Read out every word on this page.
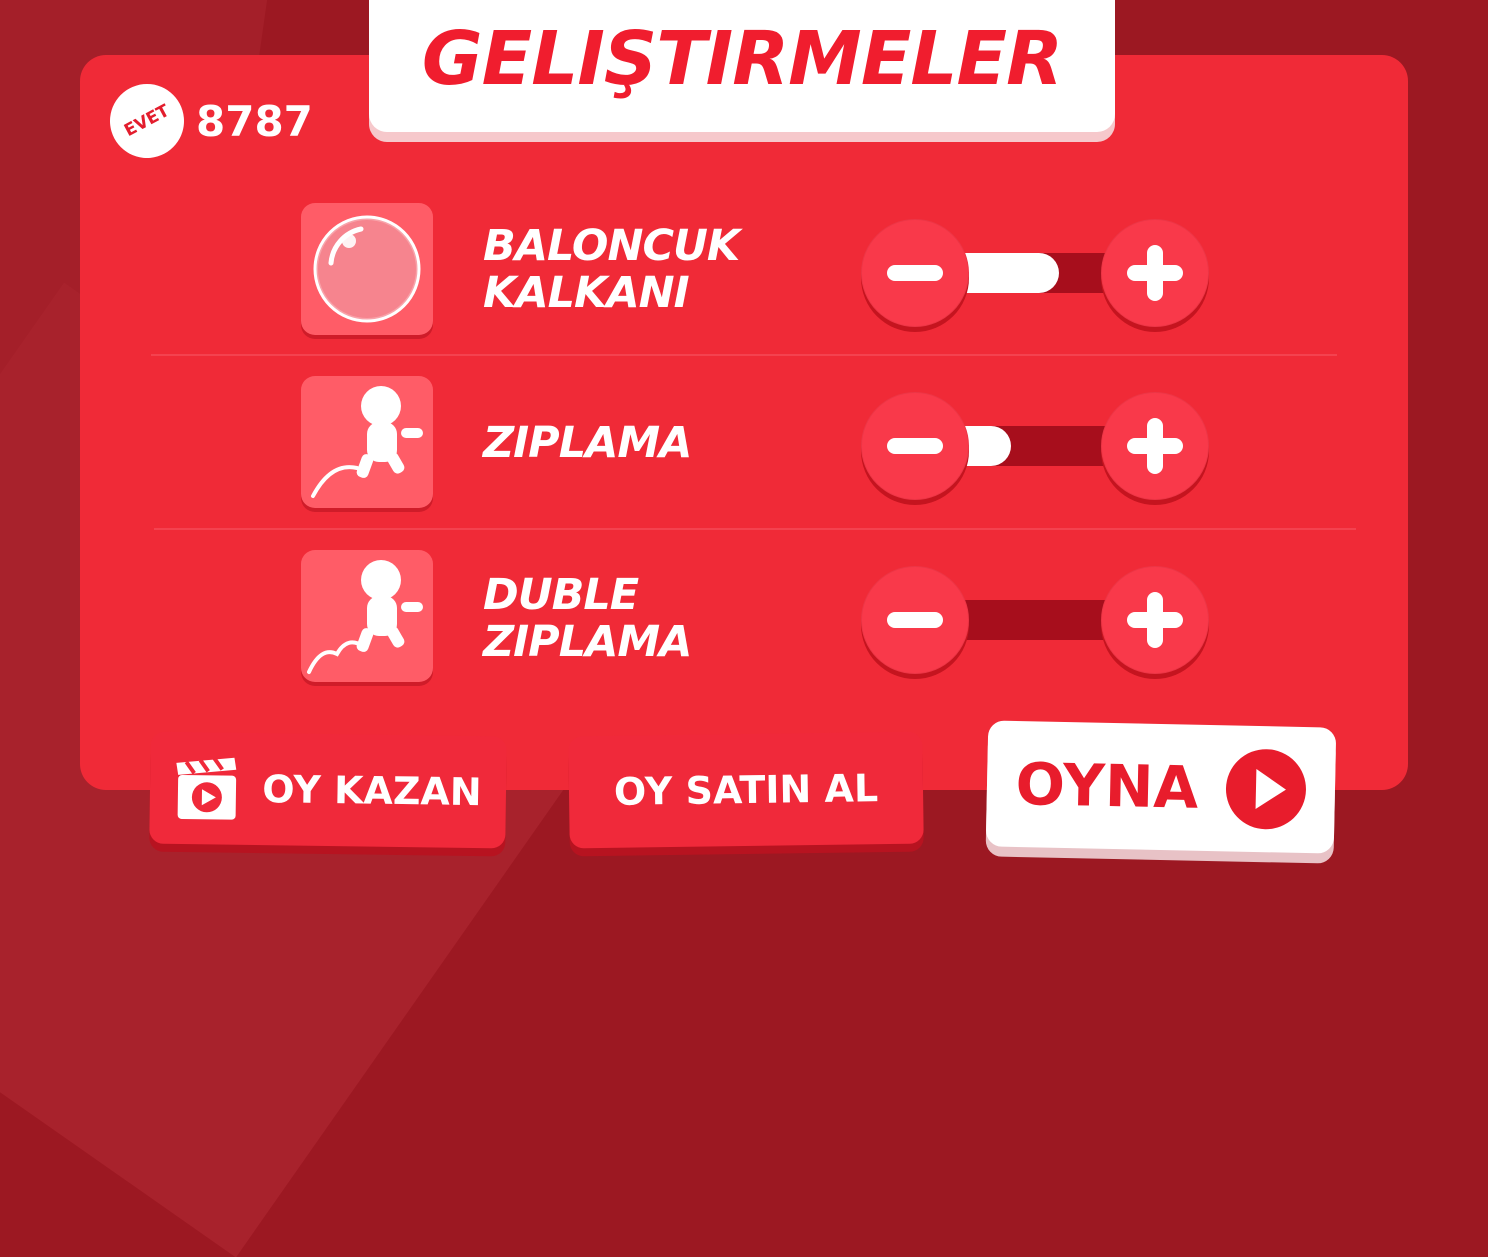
GELIŞTIRMELER
EVET 8787
BALONCUK
KALKANI
ZIPLAMA
DUBLE
ZIPLAMA
OY KAZAN	OY SATIN AL OYNA
